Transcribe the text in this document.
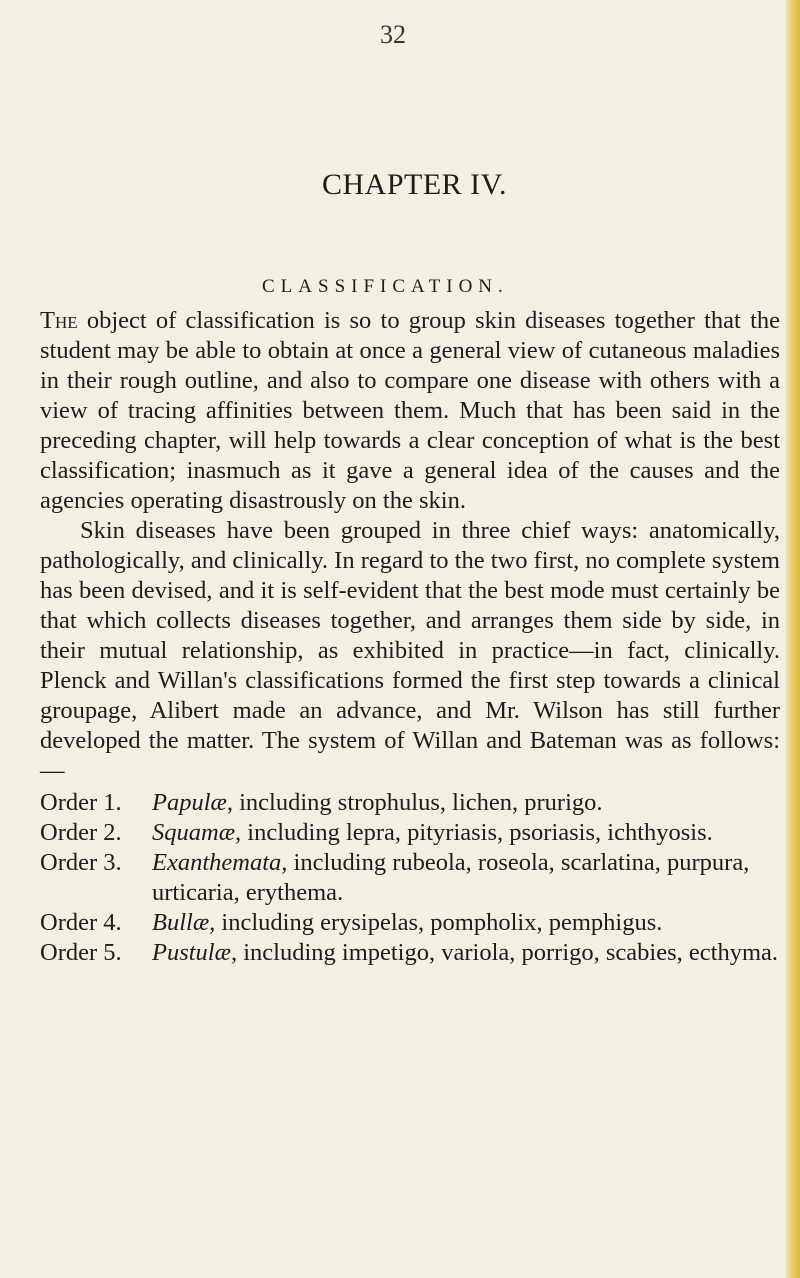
32
CHAPTER IV.
CLASSIFICATION.

The object of classification is so to group skin diseases together that the student may be able to obtain at once a general view of cutaneous maladies in their rough outline, and also to compare one disease with others with a view of tracing affinities between them. Much that has been said in the preceding chapter, will help towards a clear conception of what is the best classification; inasmuch as it gave a general idea of the causes and the agencies operating disastrously on the skin.

Skin diseases have been grouped in three chief ways: anatomically, pathologically, and clinically. In regard to the two first, no complete system has been devised, and it is self-evident that the best mode must certainly be that which collects diseases together, and arranges them side by side, in their mutual relationship, as exhibited in practice—in fact, clinically. Plenck and Willan's classifications formed the first step towards a clinical groupage, Alibert made an advance, and Mr. Wilson has still further developed the matter. The system of Willan and Bateman was as follows:—

Order 1. Papulæ, including strophulus, lichen, prurigo.
Order 2. Squamæ, including lepra, pityriasis, psoriasis, ichthyosis.
Order 3. Exanthemata, including rubeola, roseola, scarlatina, purpura, urticaria, erythema.
Order 4. Bullæ, including erysipelas, pompholix, pemphigus.
Order 5. Pustulæ, including impetigo, variola, porrigo, scabies, ecthyma.
